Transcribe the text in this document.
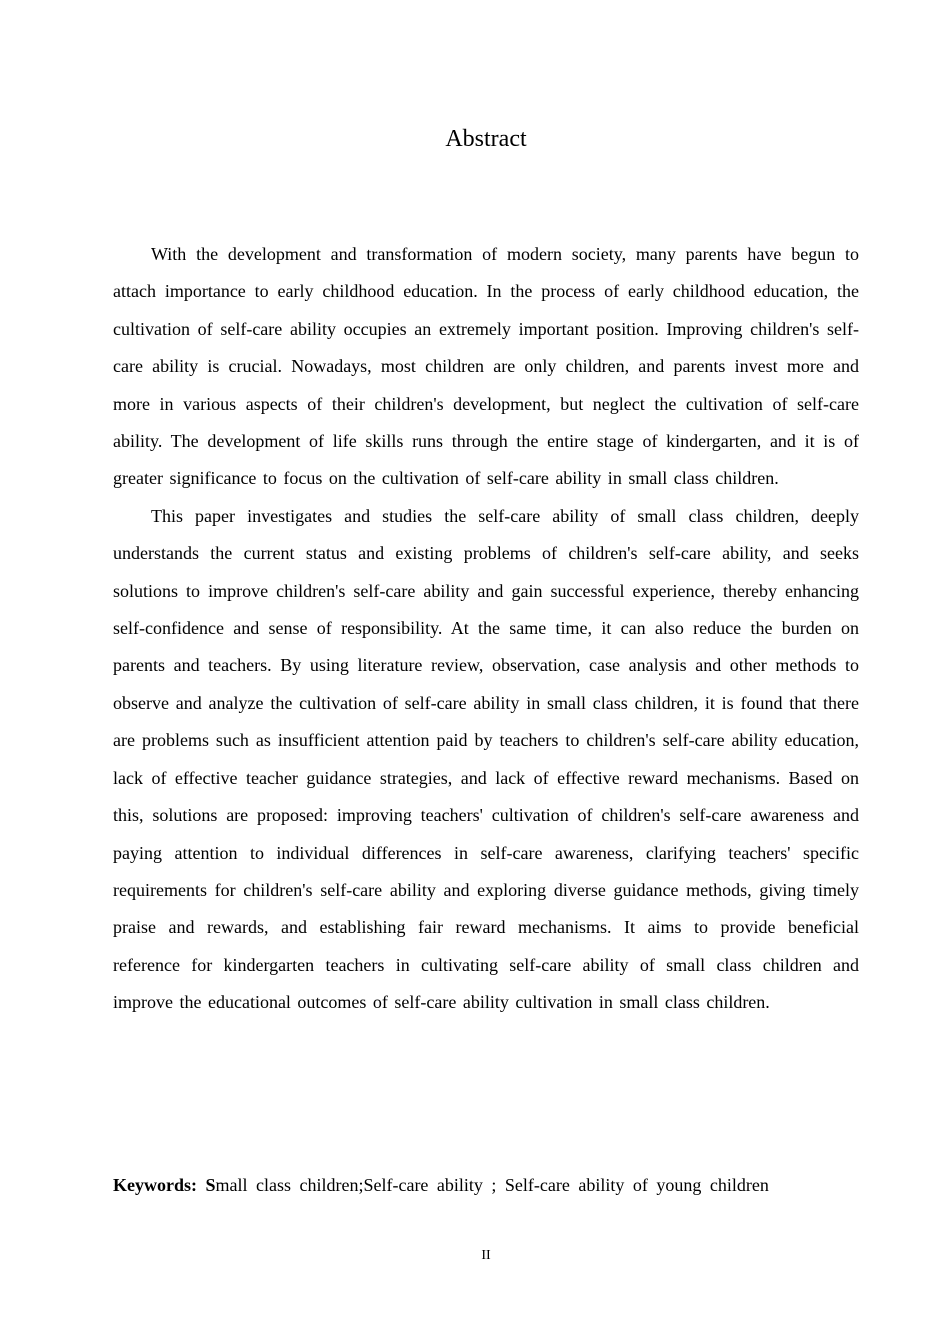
Abstract

With the development and transformation of modern society, many parents have begun to attach importance to early childhood education. In the process of early childhood education, the cultivation of self-care ability occupies an extremely important position. Improving children's self-care ability is crucial. Nowadays, most children are only children, and parents invest more and more in various aspects of their children's development, but neglect the cultivation of self-care ability. The development of life skills runs through the entire stage of kindergarten, and it is of greater significance to focus on the cultivation of self-care ability in small class children.

This paper investigates and studies the self-care ability of small class children, deeply understands the current status and existing problems of children's self-care ability, and seeks solutions to improve children's self-care ability and gain successful experience, thereby enhancing self-confidence and sense of responsibility. At the same time, it can also reduce the burden on parents and teachers. By using literature review, observation, case analysis and other methods to observe and analyze the cultivation of self-care ability in small class children, it is found that there are problems such as insufficient attention paid by teachers to children's self-care ability education, lack of effective teacher guidance strategies, and lack of effective reward mechanisms. Based on this, solutions are proposed: improving teachers' cultivation of children's self-care awareness and paying attention to individual differences in self-care awareness, clarifying teachers' specific requirements for children's self-care ability and exploring diverse guidance methods, giving timely praise and rewards, and establishing fair reward mechanisms. It aims to provide beneficial reference for kindergarten teachers in cultivating self-care ability of small class children and improve the educational outcomes of self-care ability cultivation in small class children.

Keywords: Small class children;Self-care ability ; Self-care ability of young children
II
